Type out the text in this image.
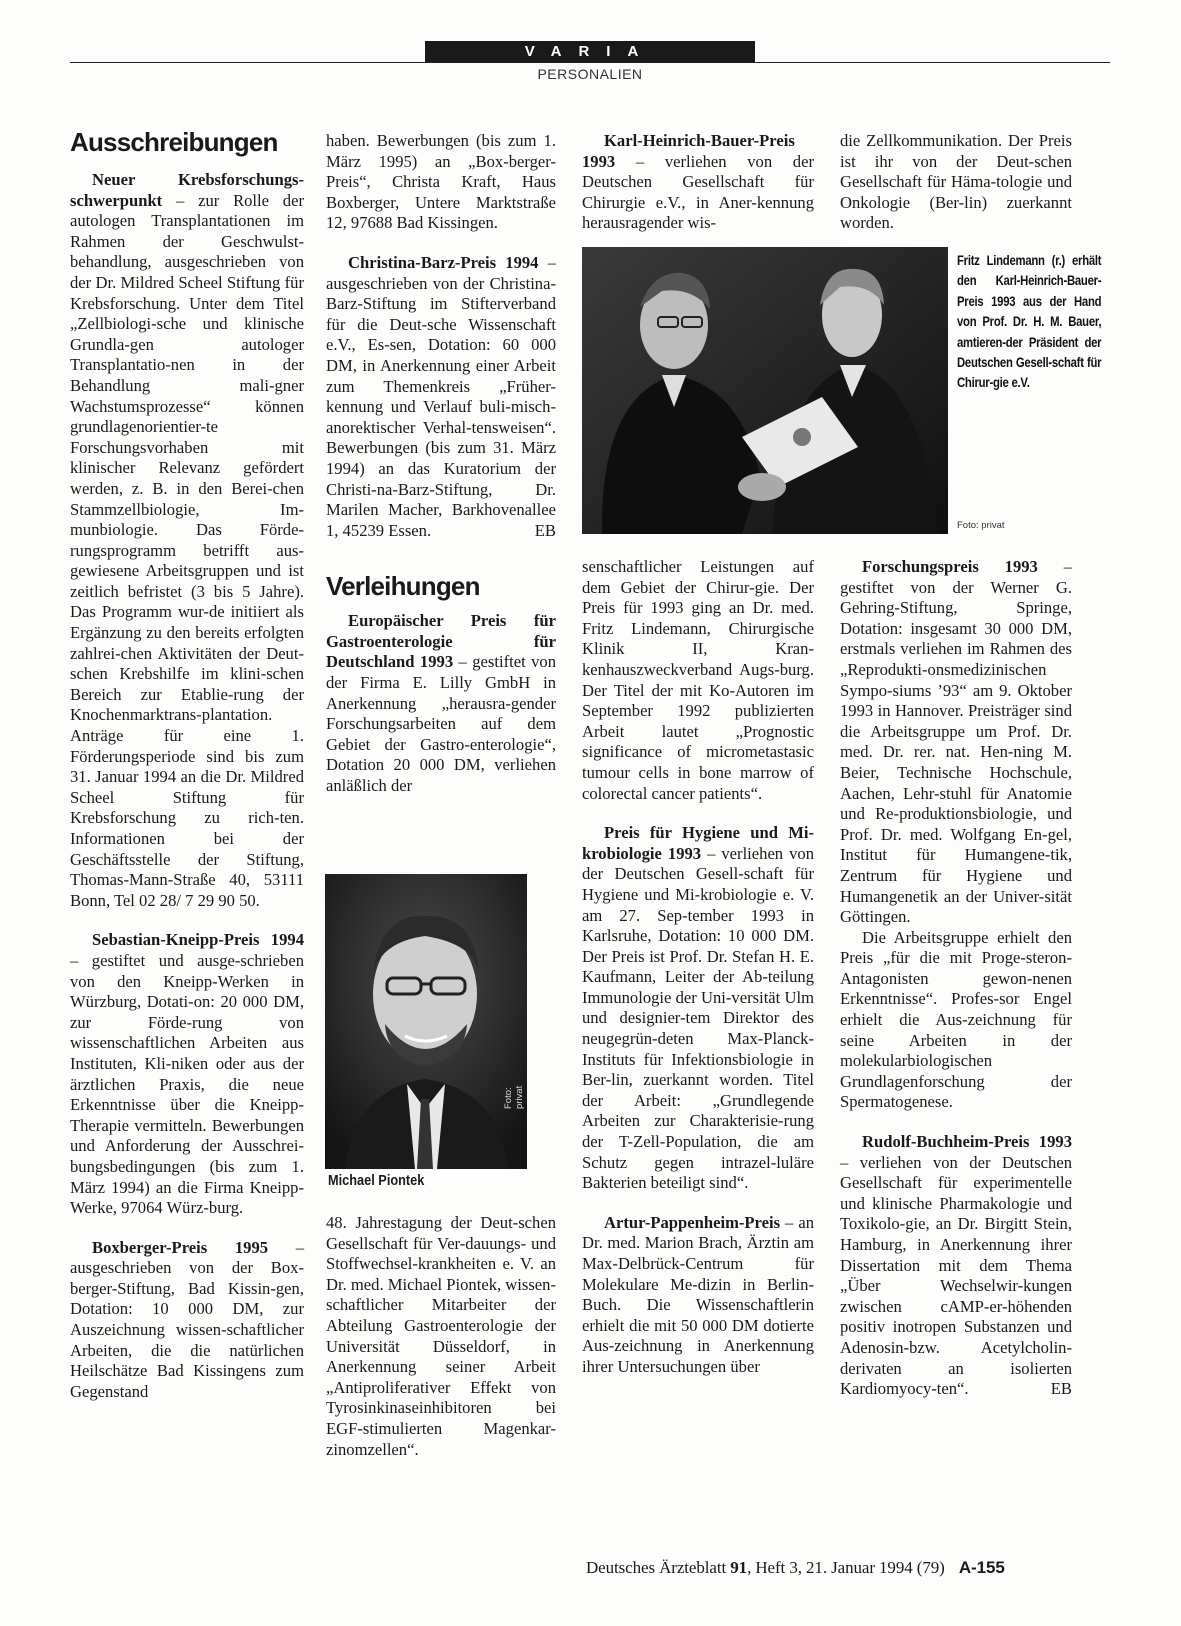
VARIA
PERSONALIEN
Ausschreibungen

Neuer Krebsforschungs-schwerpunkt – zur Rolle der autologen Transplantationen im Rahmen der Geschwulst-behandlung, ausgeschrieben von der Dr. Mildred Scheel Stiftung für Krebsforschung. Unter dem Titel „Zellbiologi-sche und klinische Grundla-gen autologer Transplantatio-nen in der Behandlung mali-gner Wachstumsprozesse“ können grundlagenorientier-te Forschungsvorhaben mit klinischer Relevanz gefördert werden, z. B. in den Berei-chen Stammzellbiologie, Im-munbiologie. Das Förde-rungsprogramm betrifft aus-gewiesene Arbeitsgruppen und ist zeitlich befristet (3 bis 5 Jahre). Das Programm wur-de initiiert als Ergänzung zu den bereits erfolgten zahlrei-chen Aktivitäten der Deut-schen Krebshilfe im klini-schen Bereich zur Etablie-rung der Knochenmarktrans-plantation. Anträge für eine 1. Förderungsperiode sind bis zum 31. Januar 1994 an die Dr. Mildred Scheel Stiftung für Krebsforschung zu rich-ten. Informationen bei der Geschäftsstelle der Stiftung, Thomas-Mann-Straße 40, 53111 Bonn, Tel 02 28/ 7 29 90 50.

Sebastian-Kneipp-Preis 1994 – gestiftet und ausge-schrieben von den Kneipp-Werken in Würzburg, Dotati-on: 20 000 DM, zur Förde-rung von wissenschaftlichen Arbeiten aus Instituten, Kli-niken oder aus der ärztlichen Praxis, die neue Erkenntnisse über die Kneipp-Therapie vermitteln. Bewerbungen und Anforderung der Ausschrei-bungsbedingungen (bis zum 1. März 1994) an die Firma Kneipp-Werke, 97064 Würz-burg.

Boxberger-Preis 1995 – ausgeschrieben von der Box-berger-Stiftung, Bad Kissin-gen, Dotation: 10 000 DM, zur Auszeichnung wissen-schaftlicher Arbeiten, die die natürlichen Heilschätze Bad Kissingens zum Gegenstand

haben. Bewerbungen (bis zum 1. März 1995) an „Box-berger-Preis“, Christa Kraft, Haus Boxberger, Untere Marktstraße 12, 97688 Bad Kissingen.

Christina-Barz-Preis 1994 – ausgeschrieben von der Christina-Barz-Stiftung im Stifterverband für die Deut-sche Wissenschaft e.V., Es-sen, Dotation: 60 000 DM, in Anerkennung einer Arbeit zum Themenkreis „Früher-kennung und Verlauf buli-misch-anorektischer Verhal-tensweisen“. Bewerbungen (bis zum 31. März 1994) an das Kuratorium der Christi-na-Barz-Stiftung, Dr. Marilen Macher, Barkhovenallee 1, 45239 Essen.	EB

Verleihungen

Europäischer Preis für Gastroenterologie für Deutschland 1993 – gestiftet von der Firma E. Lilly GmbH in Anerkennung „herausra-gender Forschungsarbeiten auf dem Gebiet der Gastro-enterologie“, Dotation 20 000 DM, verliehen anläßlich der

Foto: privat
Michael Piontek

48. Jahrestagung der Deut-schen Gesellschaft für Ver-dauungs- und Stoffwechsel-krankheiten e. V. an Dr. med. Michael Piontek, wissen-schaftlicher Mitarbeiter der Abteilung Gastroenterologie der Universität Düsseldorf, in Anerkennung seiner Arbeit „Antiproliferativer Effekt von Tyrosinkinaseinhibitoren bei EGF-stimulierten Magenkar-zinomzellen“.

Karl-Heinrich-Bauer-Preis 1993 – verliehen von der Deutschen Gesellschaft für Chirurgie e.V., in Aner-kennung herausragender wis-

Fritz Lindemann (r.) erhält den Karl-Heinrich-Bauer-Preis 1993 aus der Hand von Prof. Dr. H. M. Bauer, amtieren-der Präsident der Deutschen Gesell-schaft für Chirur-gie e.V.
Foto: privat

senschaftlicher Leistungen auf dem Gebiet der Chirur-gie. Der Preis für 1993 ging an Dr. med. Fritz Lindemann, Chirurgische Klinik II, Kran-kenhauszweckverband Augs-burg. Der Titel der mit Ko-Autoren im September 1992 publizierten Arbeit lautet „Prognostic significance of micrometastasic tumour cells in bone marrow of colorectal cancer patients“.

Preis für Hygiene und Mi-krobiologie 1993 – verliehen von der Deutschen Gesell-schaft für Hygiene und Mi-krobiologie e. V. am 27. Sep-tember 1993 in Karlsruhe, Dotation: 10 000 DM. Der Preis ist Prof. Dr. Stefan H. E. Kaufmann, Leiter der Ab-teilung Immunologie der Uni-versität Ulm und designier-tem Direktor des neugegrün-deten Max-Planck-Instituts für Infektionsbiologie in Ber-lin, zuerkannt worden. Titel der Arbeit: „Grundlegende Arbeiten zur Charakterisie-rung der T-Zell-Population, die am Schutz gegen intrazel-luläre Bakterien beteiligt sind“.

Artur-Pappenheim-Preis – an Dr. med. Marion Brach, Ärztin am Max-Delbrück-Centrum für Molekulare Me-dizin in Berlin-Buch. Die Wissenschaftlerin erhielt die mit 50 000 DM dotierte Aus-zeichnung in Anerkennung ihrer Untersuchungen über

die Zellkommunikation. Der Preis ist ihr von der Deut-schen Gesellschaft für Häma-tologie und Onkologie (Ber-lin) zuerkannt worden.

Forschungspreis 1993 – gestiftet von der Werner G. Gehring-Stiftung, Springe, Dotation: insgesamt 30 000 DM, erstmals verliehen im Rahmen des „Reprodukti-onsmedizinischen Sympo-siums ’93“ am 9. Oktober 1993 in Hannover. Preisträger sind die Arbeitsgruppe um Prof. Dr. med. Dr. rer. nat. Hen-ning M. Beier, Technische Hochschule, Aachen, Lehr-stuhl für Anatomie und Re-produktionsbiologie, und Prof. Dr. med. Wolfgang En-gel, Institut für Humangene-tik, Zentrum für Hygiene und Humangenetik an der Univer-sität Göttingen.

Die Arbeitsgruppe erhielt den Preis „für die mit Proge-steron-Antagonisten gewon-nenen Erkenntnisse“. Profes-sor Engel erhielt die Aus-zeichnung für seine Arbeiten in der molekularbiologischen Grundlagenforschung der Spermatogenese.

Rudolf-Buchheim-Preis 1993 – verliehen von der Deutschen Gesellschaft für experimentelle und klinische Pharmakologie und Toxikolo-gie, an Dr. Birgitt Stein, Hamburg, in Anerkennung ihrer Dissertation mit dem Thema „Über Wechselwir-kungen zwischen cAMP-er-höhenden positiv inotropen Substanzen und Adenosin-bzw. Acetylcholin-derivaten an isolierten Kardiomyocy-ten“.	EB

Deutsches Ärzteblatt 91, Heft 3, 21. Januar 1994 (79) A-155
